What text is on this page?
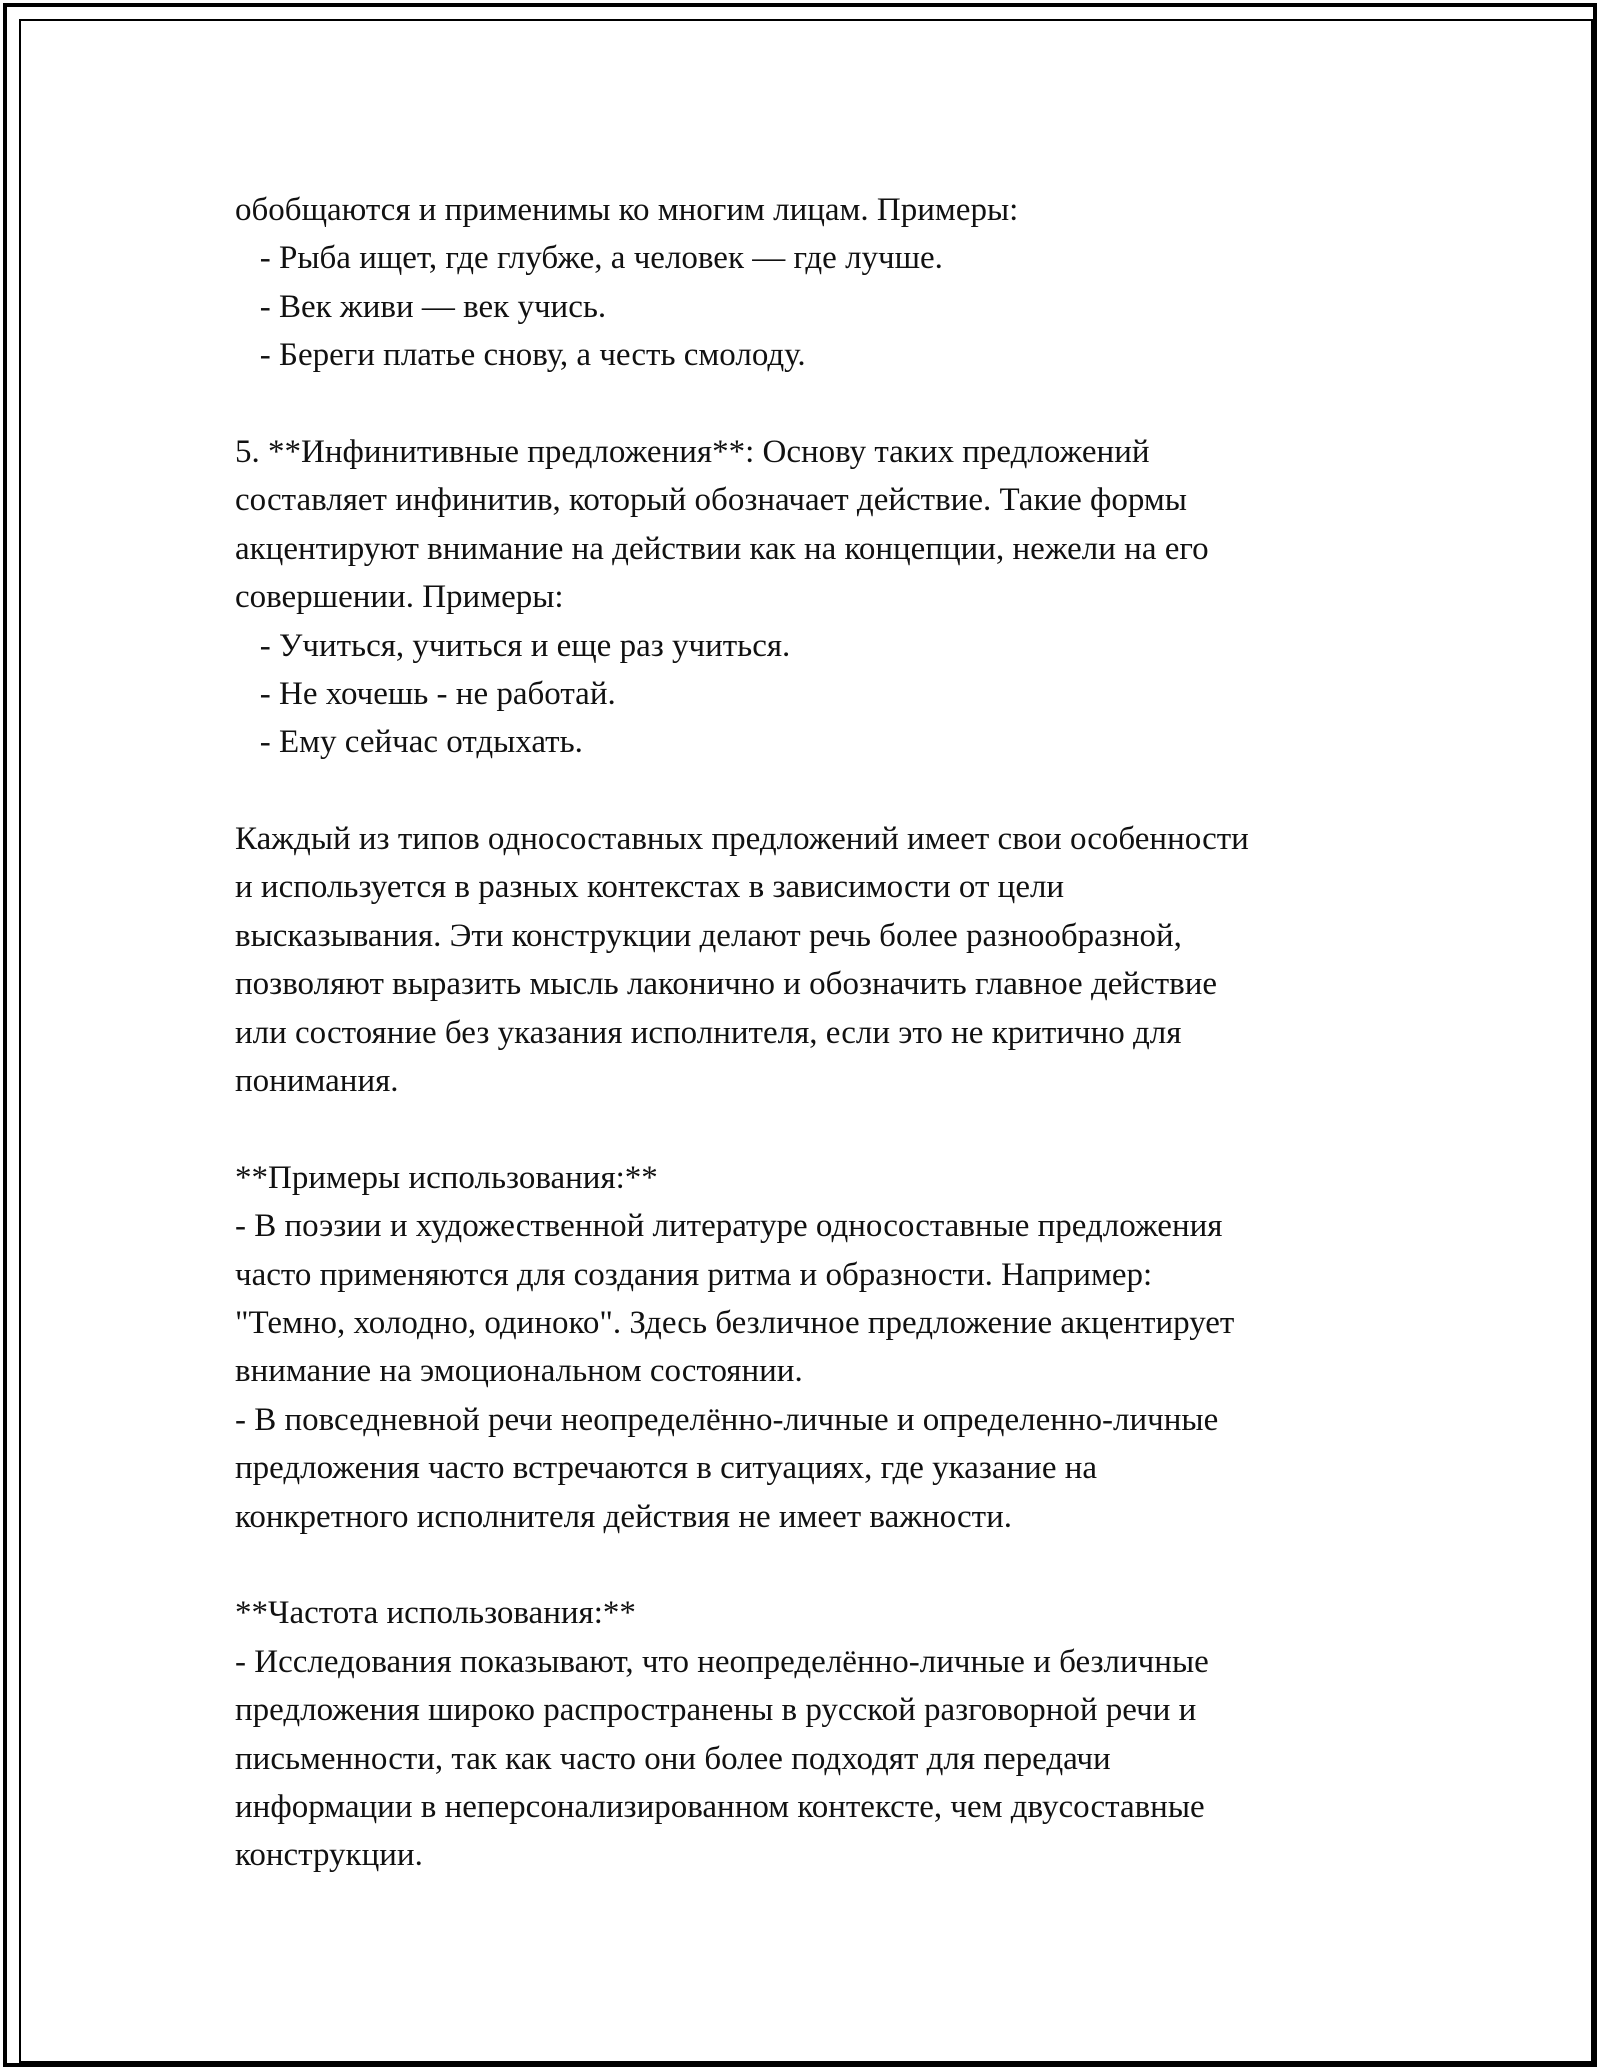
обобщаются и применимы ко многим лицам. Примеры:
- Рыба ищет, где глубже, а человек — где лучше.
- Век живи — век учись.
- Береги платье снову, а честь смолоду.
5. **Инфинитивные предложения**: Основу таких предложений
составляет инфинитив, который обозначает действие. Такие формы
акцентируют внимание на действии как на концепции, нежели на его
совершении. Примеры:
- Учиться, учиться и еще раз учиться.
- Не хочешь - не работай.
- Ему сейчас отдыхать.
Каждый из типов односоставных предложений имеет свои особенности
и используется в разных контекстах в зависимости от цели
высказывания. Эти конструкции делают речь более разнообразной,
позволяют выразить мысль лаконично и обозначить главное действие
или состояние без указания исполнителя, если это не критично для
понимания.
**Примеры использования:**
- В поэзии и художественной литературе односоставные предложения
часто применяются для создания ритма и образности. Например:
"Темно, холодно, одиноко". Здесь безличное предложение акцентирует
внимание на эмоциональном состоянии.
- В повседневной речи неопределённо-личные и определенно-личные
предложения часто встречаются в ситуациях, где указание на
конкретного исполнителя действия не имеет важности.
**Частота использования:**
- Исследования показывают, что неопределённо-личные и безличные
предложения широко распространены в русской разговорной речи и
письменности, так как часто они более подходят для передачи
информации в неперсонализированном контексте, чем двусоставные
конструкции.
